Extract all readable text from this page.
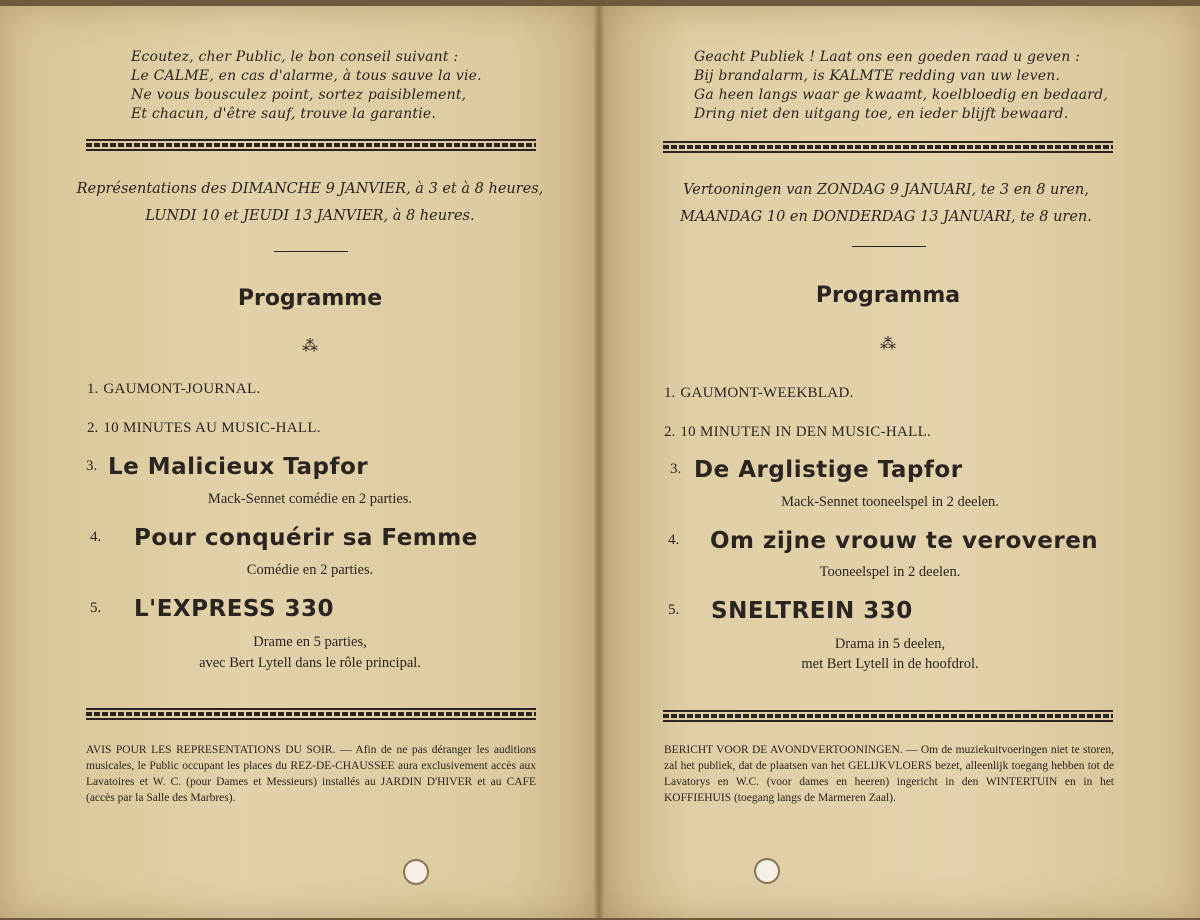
Ecoutez, cher Public, le bon conseil suivant :
Le CALME, en cas d'alarme, à tous sauve la vie.
Ne vous bousculez point, sortez paisiblement,
Et chacun, d'être sauf, trouve la garantie.
Représentations des DIMANCHE 9 JANVIER, à 3 et à 8 heures,
LUNDI 10 et JEUDI 13 JANVIER, à 8 heures.
Programme
⁂
1. GAUMONT-JOURNAL.
2. 10 MINUTES AU MUSIC-HALL.
3. Le Malicieux Tapfor
Mack-Sennet comédie en 2 parties.
4. Pour conquérir sa Femme
Comédie en 2 parties.
5. L'EXPRESS 330
Drame en 5 parties,
avec Bert Lytell dans le rôle principal.
AVIS POUR LES REPRESENTATIONS DU SOIR. — Afin de ne pas déranger les auditions musicales, le Public occupant les places du REZ-DE-CHAUSSEE aura exclusivement accès aux Lavatoires et W. C. (pour Dames et Messieurs) installés au JARDIN D'HIVER et au CAFE (accès par la Salle des Marbres).
Geacht Publiek ! Laat ons een goeden raad u geven :
Bij brandalarm, is KALMTE redding van uw leven.
Ga heen langs waar ge kwaamt, koelbloedig en bedaard,
Dring niet den uitgang toe, en ieder blijft bewaard.
Vertooningen van ZONDAG 9 JANUARI, te 3 en 8 uren,
MAANDAG 10 en DONDERDAG 13 JANUARI, te 8 uren.
Programma
⁂
1. GAUMONT-WEEKBLAD.
2. 10 MINUTEN IN DEN MUSIC-HALL.
3. De Arglistige Tapfor
Mack-Sennet tooneelspel in 2 deelen.
4. Om zijne vrouw te veroveren
Tooneelspel in 2 deelen.
5. SNELTREIN 330
Drama in 5 deelen,
met Bert Lytell in de hoofdrol.
BERICHT VOOR DE AVONDVERTOONINGEN. — Om de muziekuitvoeringen niet te storen, zal het publiek, dat de plaatsen van het GELIJKVLOERS bezet, alleenlijk toegang hebben tot de Lavatorys en W.C. (voor dames en heeren) ingericht in den WINTERTUIN en in het KOFFIEHUIS (toegang langs de Marmeren Zaal).
